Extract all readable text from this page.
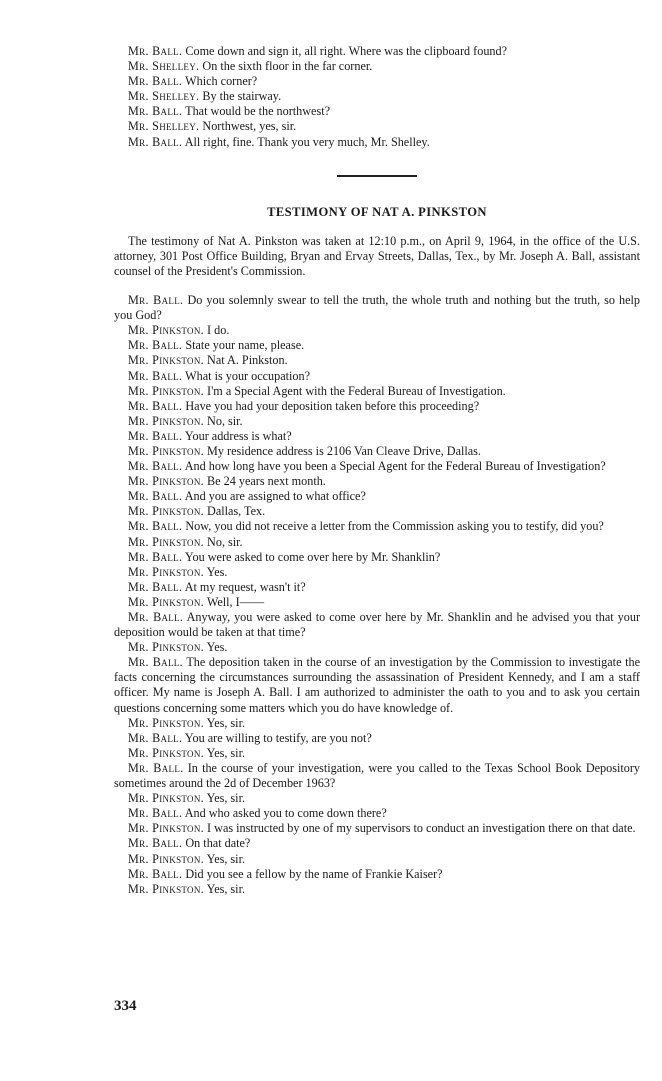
Mr. Ball. Come down and sign it, all right. Where was the clipboard found?

Mr. Shelley. On the sixth floor in the far corner.

Mr. Ball. Which corner?

Mr. Shelley. By the stairway.

Mr. Ball. That would be the northwest?

Mr. Shelley. Northwest, yes, sir.

Mr. Ball. All right, fine. Thank you very much, Mr. Shelley.

TESTIMONY OF NAT A. PINKSTON

The testimony of Nat A. Pinkston was taken at 12:10 p.m., on April 9, 1964, in the office of the U.S. attorney, 301 Post Office Building, Bryan and Ervay Streets, Dallas, Tex., by Mr. Joseph A. Ball, assistant counsel of the President's Commission.

Mr. Ball. Do you solemnly swear to tell the truth, the whole truth and nothing but the truth, so help you God?

Mr. Pinkston. I do.

Mr. Ball. State your name, please.

Mr. Pinkston. Nat A. Pinkston.

Mr. Ball. What is your occupation?

Mr. Pinkston. I'm a Special Agent with the Federal Bureau of Investigation.

Mr. Ball. Have you had your deposition taken before this proceeding?

Mr. Pinkston. No, sir.

Mr. Ball. Your address is what?

Mr. Pinkston. My residence address is 2106 Van Cleave Drive, Dallas.

Mr. Ball. And how long have you been a Special Agent for the Federal Bureau of Investigation?

Mr. Pinkston. Be 24 years next month.

Mr. Ball. And you are assigned to what office?

Mr. Pinkston. Dallas, Tex.

Mr. Ball. Now, you did not receive a letter from the Commission asking you to testify, did you?

Mr. Pinkston. No, sir.

Mr. Ball. You were asked to come over here by Mr. Shanklin?

Mr. Pinkston. Yes.

Mr. Ball. At my request, wasn't it?

Mr. Pinkston. Well, I——

Mr. Ball. Anyway, you were asked to come over here by Mr. Shanklin and he advised you that your deposition would be taken at that time?

Mr. Pinkston. Yes.

Mr. Ball. The deposition taken in the course of an investigation by the Commission to investigate the facts concerning the circumstances surrounding the assassination of President Kennedy, and I am a staff officer. My name is Joseph A. Ball. I am authorized to administer the oath to you and to ask you certain questions concerning some matters which you do have knowledge of.

Mr. Pinkston. Yes, sir.

Mr. Ball. You are willing to testify, are you not?

Mr. Pinkston. Yes, sir.

Mr. Ball. In the course of your investigation, were you called to the Texas School Book Depository sometimes around the 2d of December 1963?

Mr. Pinkston. Yes, sir.

Mr. Ball. And who asked you to come down there?

Mr. Pinkston. I was instructed by one of my supervisors to conduct an investigation there on that date.

Mr. Ball. On that date?

Mr. Pinkston. Yes, sir.

Mr. Ball. Did you see a fellow by the name of Frankie Kaiser?

Mr. Pinkston. Yes, sir.

334
